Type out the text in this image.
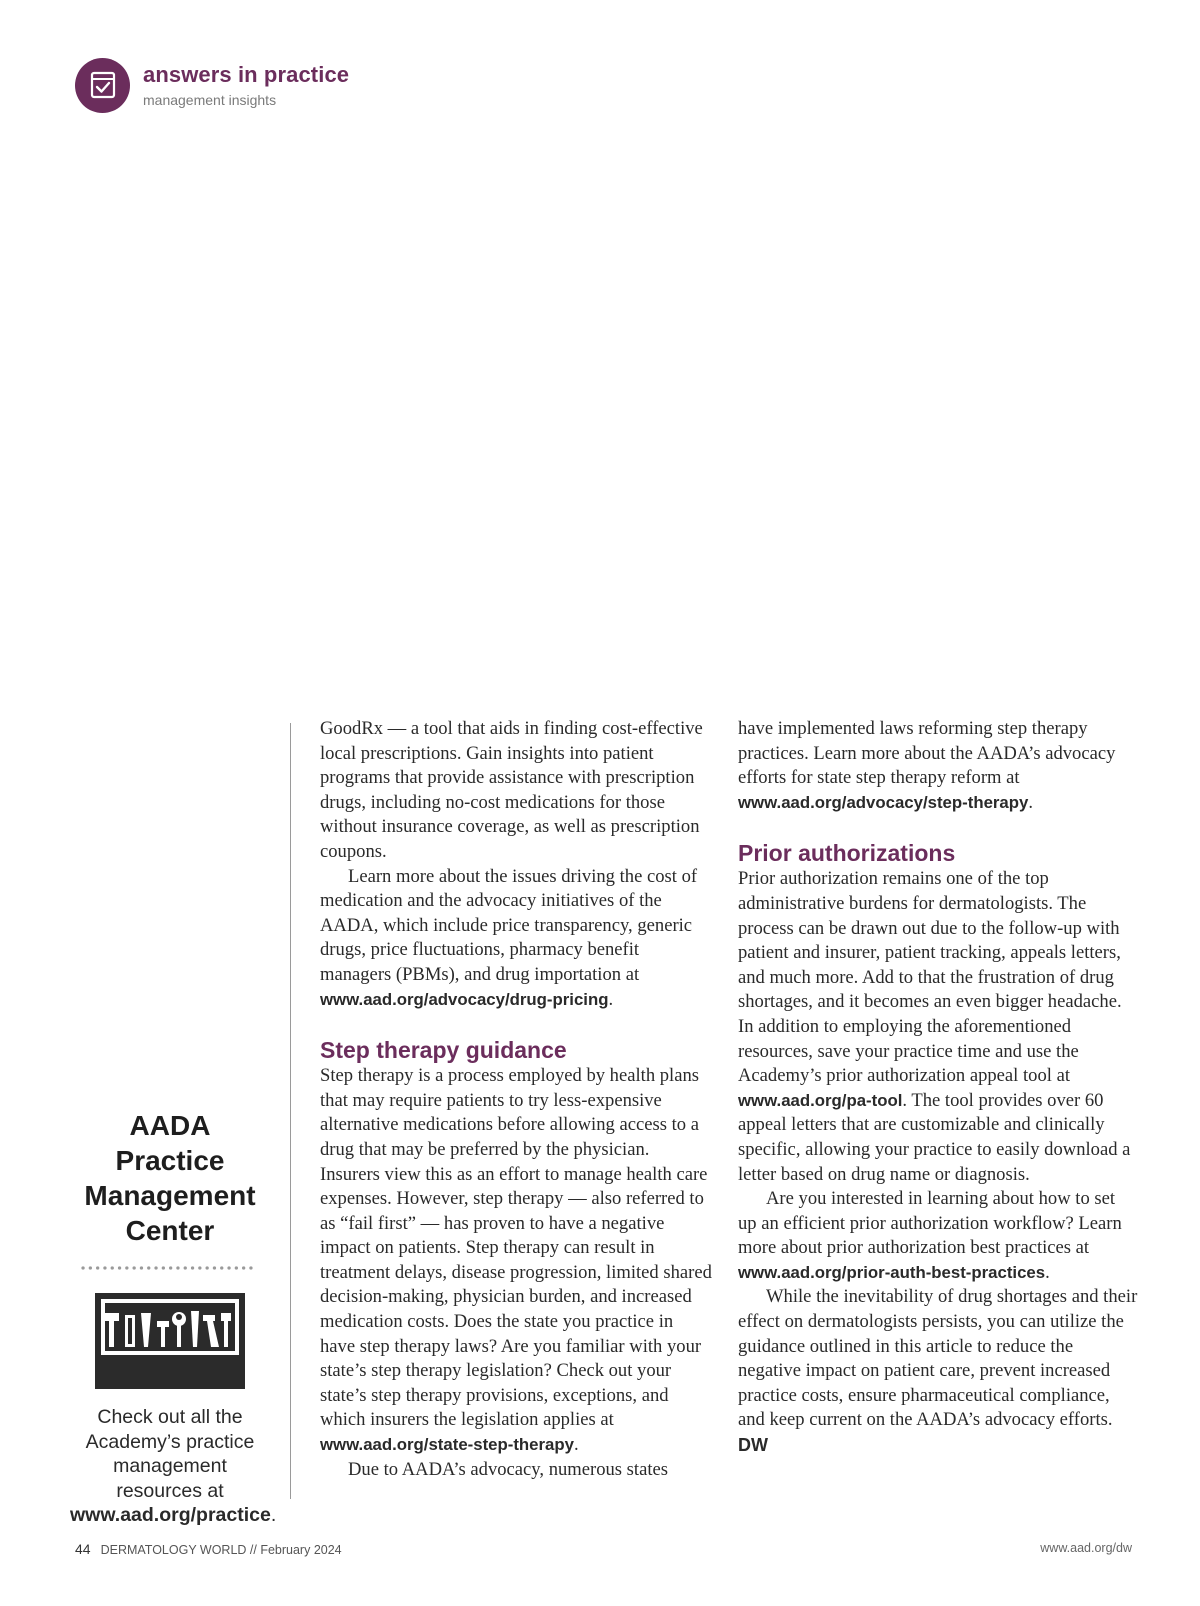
answers in practice
management insights
AADA
Practice
Management
Center
Check out all the Academy’s practice management resources at www.aad.org/practice.

GoodRx — a tool that aids in finding cost-effective local prescriptions. Gain insights into patient programs that provide assistance with prescription drugs, including no-cost medications for those without insurance coverage, as well as prescription coupons.

Learn more about the issues driving the cost of medication and the advocacy initiatives of the AADA, which include price transparency, generic drugs, price fluctuations, pharmacy benefit managers (PBMs), and drug importation at www.aad.org/advocacy/drug-pricing.

Step therapy guidance

Step therapy is a process employed by health plans that may require patients to try less-expensive alternative medications before allowing access to a drug that may be preferred by the physician. Insurers view this as an effort to manage health care expenses. However, step therapy — also referred to as “fail first” — has proven to have a negative impact on patients. Step therapy can result in treatment delays, disease progression, limited shared decision-making, physician burden, and increased medication costs. Does the state you practice in have step therapy laws? Are you familiar with your state’s step therapy legislation? Check out your state’s step therapy provisions, exceptions, and which insurers the legislation applies at www.aad.org/state-step-therapy.

Due to AADA’s advocacy, numerous states

have implemented laws reforming step therapy practices. Learn more about the AADA’s advocacy efforts for state step therapy reform at www.aad.org/advocacy/step-therapy.

Prior authorizations

Prior authorization remains one of the top administrative burdens for dermatologists. The process can be drawn out due to the follow-up with patient and insurer, patient tracking, appeals letters, and much more. Add to that the frustration of drug shortages, and it becomes an even bigger headache. In addition to employing the aforementioned resources, save your practice time and use the Academy’s prior authorization appeal tool at www.aad.org/pa-tool. The tool provides over 60 appeal letters that are customizable and clinically specific, allowing your practice to easily download a letter based on drug name or diagnosis.

Are you interested in learning about how to set up an efficient prior authorization workflow? Learn more about prior authorization best practices at www.aad.org/prior-auth-best-practices.

While the inevitability of drug shortages and their effect on dermatologists persists, you can utilize the guidance outlined in this article to reduce the negative impact on patient care, prevent increased practice costs, ensure pharmaceutical compliance, and keep current on the AADA’s advocacy efforts. DW

44 DERMATOLOGY WORLD // February 2024	www.aad.org/dw
